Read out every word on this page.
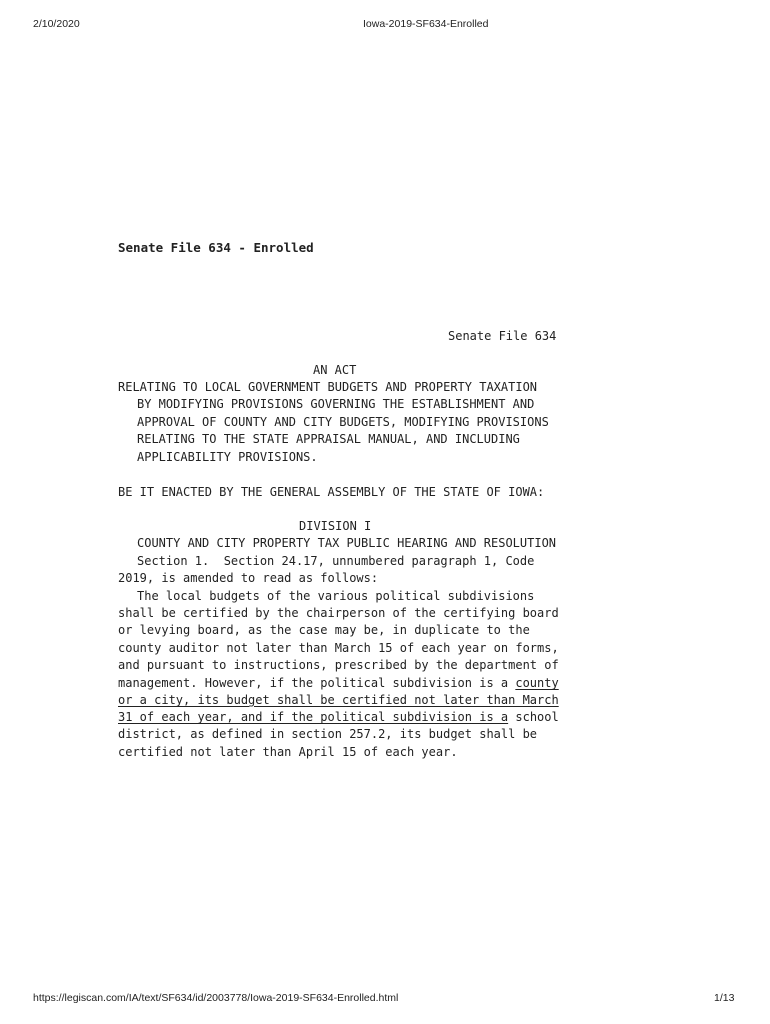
2/10/2020	Iowa-2019-SF634-Enrolled
Senate File 634 - Enrolled
Senate File 634
AN ACT
RELATING TO LOCAL GOVERNMENT BUDGETS AND PROPERTY TAXATION
BY MODIFYING PROVISIONS GOVERNING THE ESTABLISHMENT AND
APPROVAL OF COUNTY AND CITY BUDGETS, MODIFYING PROVISIONS
RELATING TO THE STATE APPRAISAL MANUAL, AND INCLUDING
APPLICABILITY PROVISIONS.
BE IT ENACTED BY THE GENERAL ASSEMBLY OF THE STATE OF IOWA:
DIVISION I
COUNTY AND CITY PROPERTY TAX PUBLIC HEARING AND RESOLUTION
Section 1.  Section 24.17, unnumbered paragraph 1, Code
2019, is amended to read as follows:
The local budgets of the various political subdivisions
shall be certified by the chairperson of the certifying board
or levying board, as the case may be, in duplicate to the
county auditor not later than March 15 of each year on forms,
and pursuant to instructions, prescribed by the department of
management. However, if the political subdivision is a county
or a city, its budget shall be certified not later than March
31 of each year, and if the political subdivision is a school
district, as defined in section 257.2, its budget shall be
certified not later than April 15 of each year.
https://legiscan.com/IA/text/SF634/id/2003778/Iowa-2019-SF634-Enrolled.html	1/13
